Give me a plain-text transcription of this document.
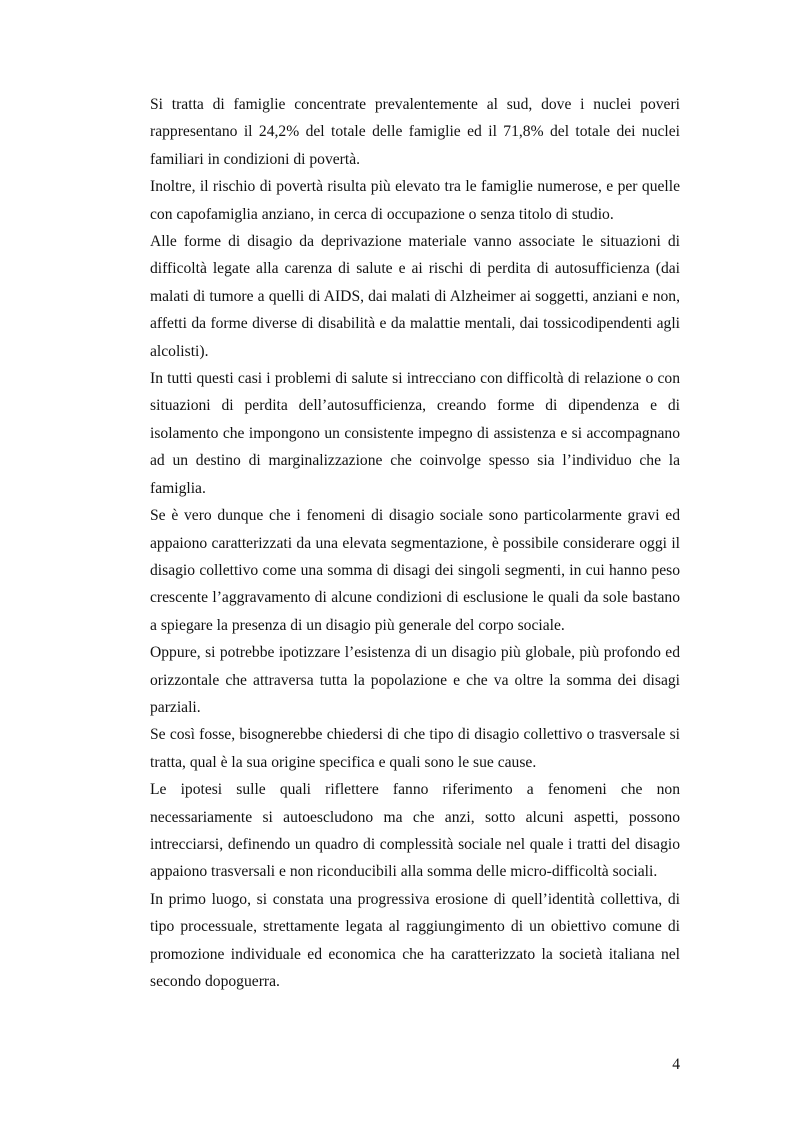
Si tratta di famiglie concentrate prevalentemente al sud, dove i nuclei poveri rappresentano il 24,2% del totale delle famiglie ed il 71,8% del totale dei nuclei familiari in condizioni di povertà.

Inoltre, il rischio di povertà risulta più elevato tra le famiglie numerose, e per quelle con capofamiglia anziano, in cerca di occupazione o senza titolo di studio.

Alle forme di disagio da deprivazione materiale vanno associate le situazioni di difficoltà legate alla carenza di salute e ai rischi di perdita di autosufficienza (dai malati di tumore a quelli di AIDS, dai malati di Alzheimer ai soggetti, anziani e non, affetti da forme diverse di disabilità e da malattie mentali, dai tossicodipendenti agli alcolisti).

In tutti questi casi i problemi di salute si intrecciano con difficoltà di relazione o con situazioni di perdita dell’autosufficienza, creando forme di dipendenza e di isolamento che impongono un consistente impegno di assistenza e si accompagnano ad un destino di marginalizzazione che coinvolge spesso sia l’individuo che la famiglia.

Se è vero dunque che i fenomeni di disagio sociale sono particolarmente gravi ed appaiono caratterizzati da una elevata segmentazione, è possibile considerare oggi il disagio collettivo come una somma di disagi dei singoli segmenti, in cui hanno peso crescente l’aggravamento di alcune condizioni di esclusione le quali da sole bastano a spiegare la presenza di un disagio più generale del corpo sociale.

Oppure, si potrebbe ipotizzare l’esistenza di un disagio più globale, più profondo ed orizzontale che attraversa tutta la popolazione e che va oltre la somma dei disagi parziali.

Se così fosse, bisognerebbe chiedersi di che tipo di disagio collettivo o trasversale si tratta, qual è la sua origine specifica e quali sono le sue cause.

Le ipotesi sulle quali riflettere fanno riferimento a fenomeni che non necessariamente si autoescludono ma che anzi, sotto alcuni aspetti, possono intrecciarsi, definendo un quadro di complessità sociale nel quale i tratti del disagio appaiono trasversali e non riconducibili alla somma delle micro-difficoltà sociali.

In primo luogo, si constata una progressiva erosione di quell’identità collettiva, di tipo processuale, strettamente legata al raggiungimento di un obiettivo comune di promozione individuale ed economica che ha caratterizzato la società italiana nel secondo dopoguerra.

4
